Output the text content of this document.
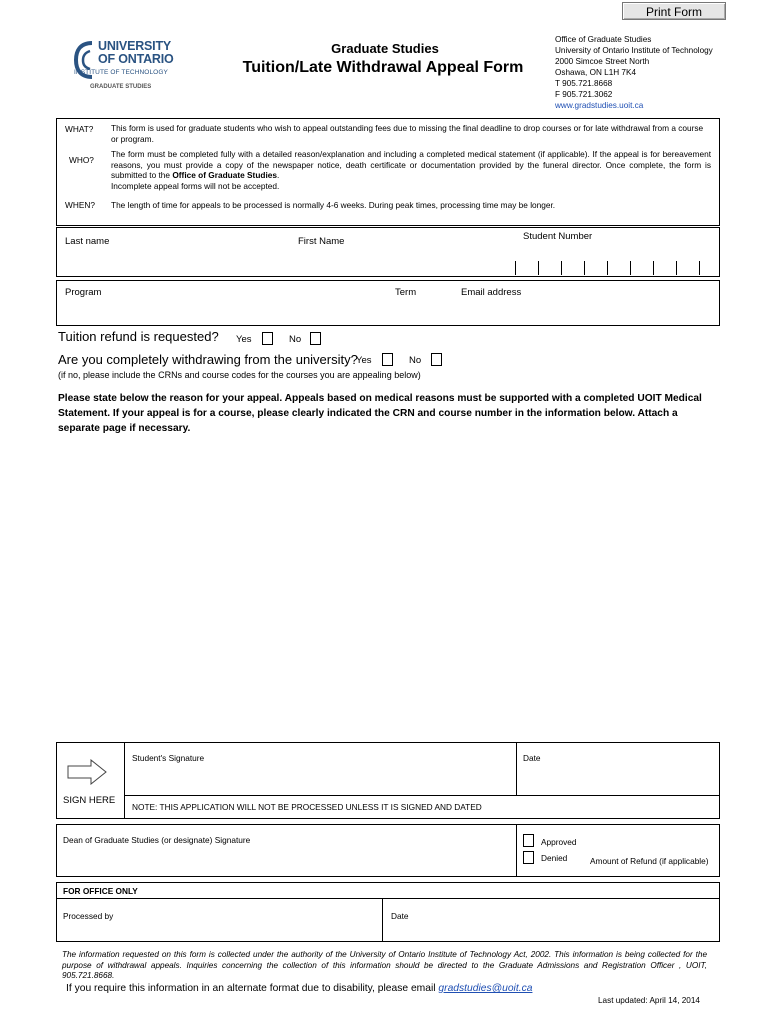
Print Form
UNIVERSITY
OF ONTARIO
INSTITUTE OF TECHNOLOGY
GRADUATE STUDIES
Graduate Studies
Tuition/Late Withdrawal Appeal Form
Office of Graduate Studies
University of Ontario Institute of Technology
2000 Simcoe Street North
Oshawa, ON L1H 7K4
T 905.721.8668
F 905.721.3062
www.gradstudies.uoit.ca
WHAT? This form is used for graduate students who wish to appeal outstanding fees due to missing the final deadline to drop courses or for late withdrawal from a course or program.
WHO?
The form must be completed fully with a detailed reason/explanation and including a completed medical statement (if applicable). If the appeal is for bereavement reasons, you must provide a copy of the newspaper notice, death certificate or documentation provided by the funeral director. Once complete, the form is submitted to the Office of Graduate Studies.
Incomplete appeal forms will not be accepted.
WHEN? The length of time for appeals to be processed is normally 4-6 weeks. During peak times, processing time may be longer.
Last name	First Name	Student Number
Program	Term	Email address
Tuition refund is requested? Yes	No
Are you completely withdrawing from the university?
Yes	No
(if no, please include the CRNs and course codes for the courses you are appealing below)
Please state below the reason for your appeal. Appeals based on medical reasons must be supported with a completed UOIT Medical Statement. If your appeal is for a course, please clearly indicated the CRN and course number in the information below. Attach a separate page if necessary.
SIGN HERE
Student's Signature	Date
NOTE: THIS APPLICATION WILL NOT BE PROCESSED UNLESS IT IS SIGNED AND DATED
Dean of Graduate Studies (or designate) Signature	Approved
Denied	Amount of Refund (if applicable)
FOR OFFICE ONLY
Processed by	Date
The information requested on this form is collected under the authority of the University of Ontario Institute of Technology Act, 2002. This information is being collected for the purpose of withdrawal appeals. Inquiries concerning the collection of this information should be directed to the Graduate Admissions and Registration Officer , UOIT, 905.721.8668.
If you require this information in an alternate format due to disability, please email gradstudies@uoit.ca
Last updated: April 14, 2014
